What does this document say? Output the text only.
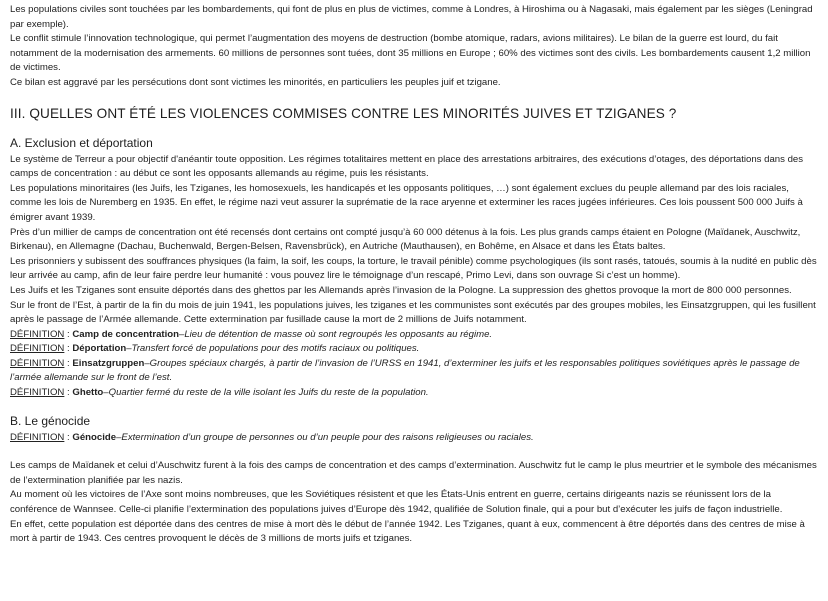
Les populations civiles sont touchées par les bombardements, qui font de plus en plus de victimes, comme à Londres, à Hiroshima ou à Nagasaki, mais également par les sièges (Leningrad par exemple).

Le conflit stimule l’innovation technologique, qui permet l’augmentation des moyens de destruction (bombe atomique, radars, avions militaires). Le bilan de la guerre est lourd, du fait notamment de la modernisation des armements. 60 millions de personnes sont tuées, dont 35 millions en Europe ; 60% des victimes sont des civils. Les bombardements causent 1,2 million de victimes.

Ce bilan est aggravé par les persécutions dont sont victimes les minorités, en particuliers les peuples juif et tzigane.

III. QUELLES ONT ÉTÉ LES VIOLENCES COMMISES CONTRE LES MINORITÉS JUIVES ET TZIGANES ?
A. Exclusion et déportation

Le système de Terreur a pour objectif d'anéantir toute opposition. Les régimes totalitaires mettent en place des arrestations arbitraires, des exécutions d’otages, des déportations dans des camps de concentration : au début ce sont les opposants allemands au régime, puis les résistants.

Les populations minoritaires (les Juifs, les Tziganes, les homosexuels, les handicapés et les opposants politiques, …) sont également exclues du peuple allemand par des lois raciales, comme les lois de Nuremberg en 1935. En effet, le régime nazi veut assurer la suprématie de la race aryenne et exterminer les races jugées inférieures. Ces lois poussent 500 000 Juifs à émigrer avant 1939.

Près d’un millier de camps de concentration ont été recensés dont certains ont compté jusqu’à 60 000 détenus à la fois. Les plus grands camps étaient en Pologne (Maïdanek, Auschwitz, Birkenau), en Allemagne (Dachau, Buchenwald, Bergen-Belsen, Ravensbrück), en Autriche (Mauthausen), en Bohême, en Alsace et dans les États baltes.

Les prisonniers y subissent des souffrances physiques (la faim, la soif, les coups, la torture, le travail pénible) comme psychologiques (ils sont rasés, tatoués, soumis à la nudité en public dès leur arrivée au camp, afin de leur faire perdre leur humanité : vous pouvez lire le témoignage d’un rescapé, Primo Levi, dans son ouvrage Si c’est un homme).

Les Juifs et les Tziganes sont ensuite déportés dans des ghettos par les Allemands après l’invasion de la Pologne. La suppression des ghettos provoque la mort de 800 000 personnes.

Sur le front de l’Est, à partir de la fin du mois de juin 1941, les populations juives, les tziganes et les communistes sont exécutés par des groupes mobiles, les Einsatzgruppen, qui les fusillent après le passage de l’Armée allemande. Cette extermination par fusillade cause la mort de 2 millions de Juifs notamment.

DÉFINITION : Camp de concentration–Lieu de détention de masse où sont regroupés les opposants au régime.

DÉFINITION : Déportation–Transfert forcé de populations pour des motifs raciaux ou politiques.

DÉFINITION : Einsatzgruppen–Groupes spéciaux chargés, à partir de l’invasion de l’URSS en 1941, d’exterminer les juifs et les responsables politiques soviétiques après le passage de l’armée allemande sur le front de l’est.

DÉFINITION : Ghetto–Quartier fermé du reste de la ville isolant les Juifs du reste de la population.

B. Le génocide

DÉFINITION : Génocide–Extermination d’un groupe de personnes ou d’un peuple pour des raisons religieuses ou raciales.

Les camps de Maïdanek et celui d’Auschwitz furent à la fois des camps de concentration et des camps d’extermination. Auschwitz fut le camp le plus meurtrier et le symbole des mécanismes de l’extermination planifiée par les nazis.

Au moment où les victoires de l’Axe sont moins nombreuses, que les Soviétiques résistent et que les États-Unis entrent en guerre, certains dirigeants nazis se réunissent lors de la conférence de Wannsee. Celle-ci planifie l’extermination des populations juives d’Europe dès 1942, qualifiée de Solution finale, qui a pour but d’exécuter les juifs de façon industrielle.

En effet, cette population est déportée dans des centres de mise à mort dès le début de l’année 1942. Les Tziganes, quant à eux, commencent à être déportés dans des centres de mise à mort à partir de 1943. Ces centres provoquent le décès de 3 millions de morts juifs et tziganes.
